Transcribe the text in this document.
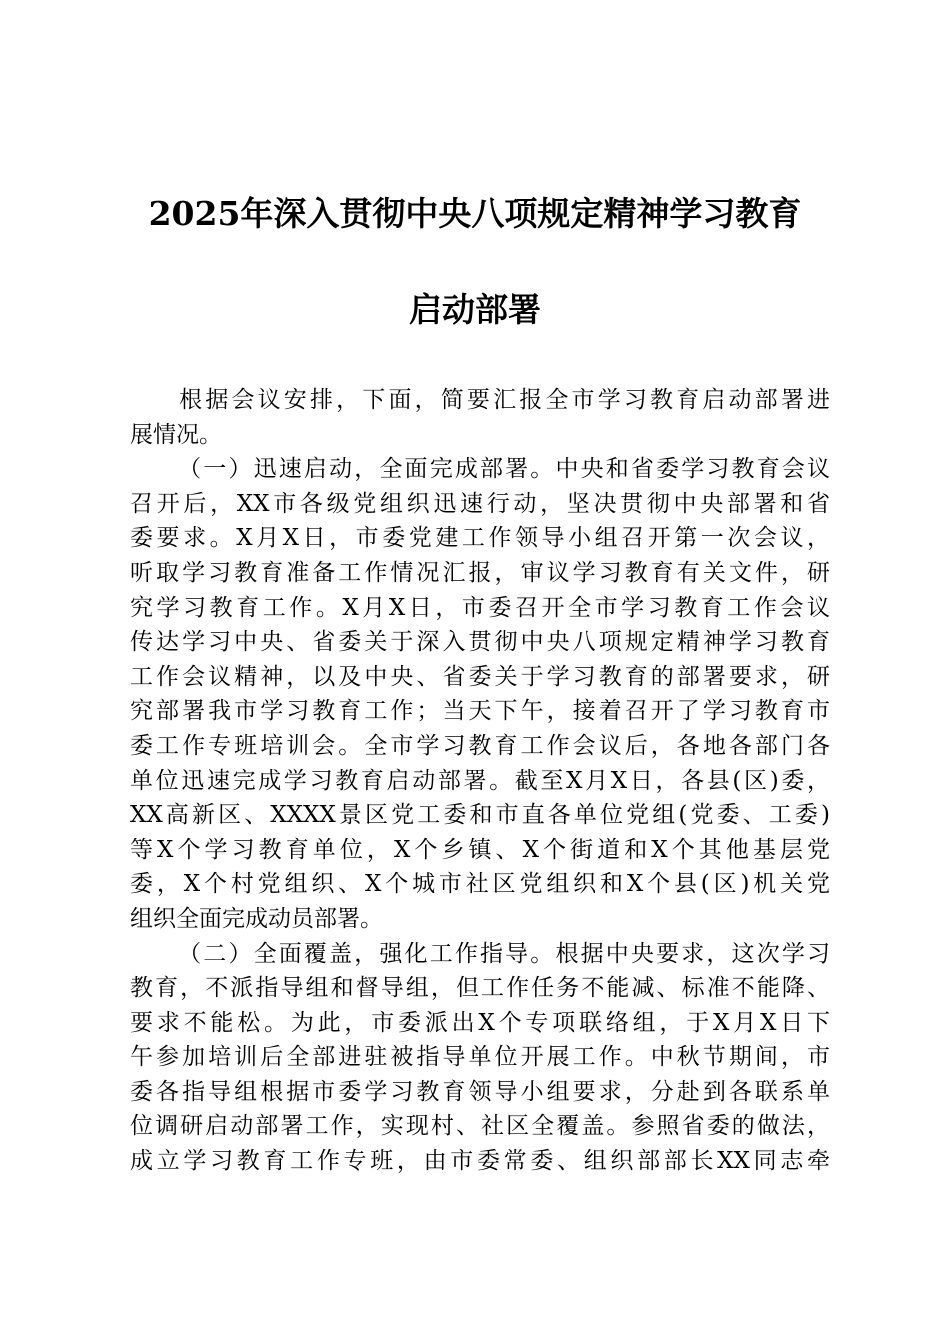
2025年深入贯彻中央八项规定精神学习教育
启动部署
根据会议安排，下面，简要汇报全市学习教育启动部署进
展情况。
（一）迅速启动，全面完成部署。中央和省委学习教育会议
召开后，XX市各级党组织迅速行动，坚决贯彻中央部署和省
委要求。X月X日，市委党建工作领导小组召开第一次会议，
听取学习教育准备工作情况汇报，审议学习教育有关文件，研
究学习教育工作。X月X日，市委召开全市学习教育工作会议
传达学习中央、省委关于深入贯彻中央八项规定精神学习教育
工作会议精神，以及中央、省委关于学习教育的部署要求，研
究部署我市学习教育工作；当天下午，接着召开了学习教育市
委工作专班培训会。全市学习教育工作会议后，各地各部门各
单位迅速完成学习教育启动部署。截至X月X日，各县(区)委，
XX高新区、XXXX景区党工委和市直各单位党组(党委、工委)
等X个学习教育单位，X个乡镇、X个街道和X个其他基层党
委，X个村党组织、X个城市社区党组织和X个县(区)机关党
组织全面完成动员部署。
（二）全面覆盖，强化工作指导。根据中央要求，这次学习
教育，不派指导组和督导组，但工作任务不能减、标准不能降、
要求不能松。为此，市委派出X个专项联络组，于X月X日下
午参加培训后全部进驻被指导单位开展工作。中秋节期间，市
委各指导组根据市委学习教育领导小组要求，分赴到各联系单
位调研启动部署工作，实现村、社区全覆盖。参照省委的做法，
成立学习教育工作专班，由市委常委、组织部部长XX同志牵
